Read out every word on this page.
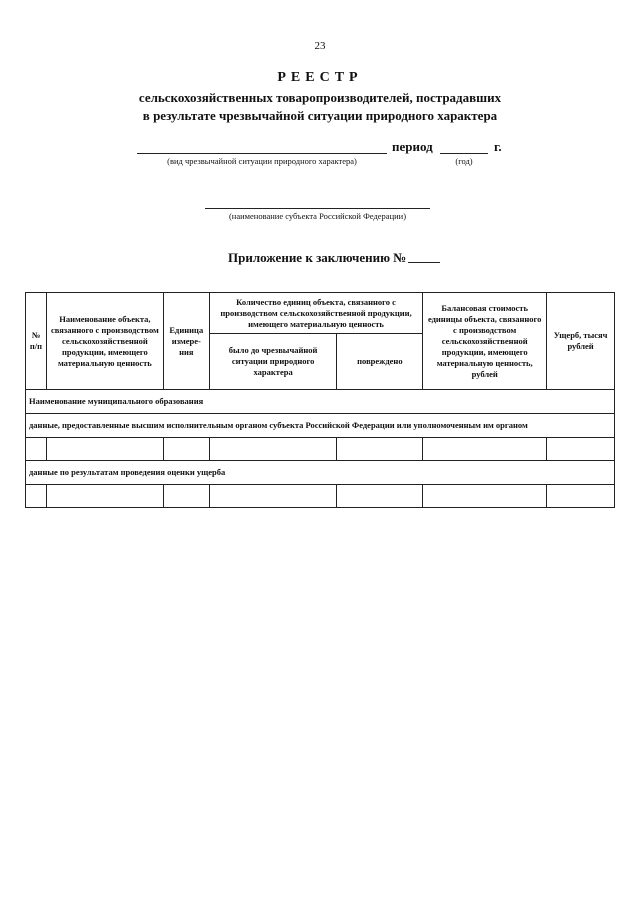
23
РЕЕСТР
сельскохозяйственных товаропроизводителей, пострадавших
в результате чрезвычайной ситуации природного характера
период	г.
(вид чрезвычайной ситуации природного характера)	(год)
(наименование субъекта Российской Федерации)
Приложение к заключению №
№ п/п	Наименование объекта, связанного с производством сельскохозяйственной продукции, имеющего материальную ценность	Единица измере-ния	Количество единиц объекта, связанного с производством сельскохозяйственной продукции, имеющего материальную ценность		Балансовая стоимость единицы объекта, связанного с производством сельскохозяйственной продукции, имеющего материальную ценность, рублей	Ущерб, тысяч рублей
			было до чрезвычайной ситуации природного характера	повреждено		
Наименование муниципального образования						
данные, предоставленные высшим исполнительным органом субъекта Российской Федерации или уполномоченным им органом						

данные по результатам проведения оценки ущерба						
